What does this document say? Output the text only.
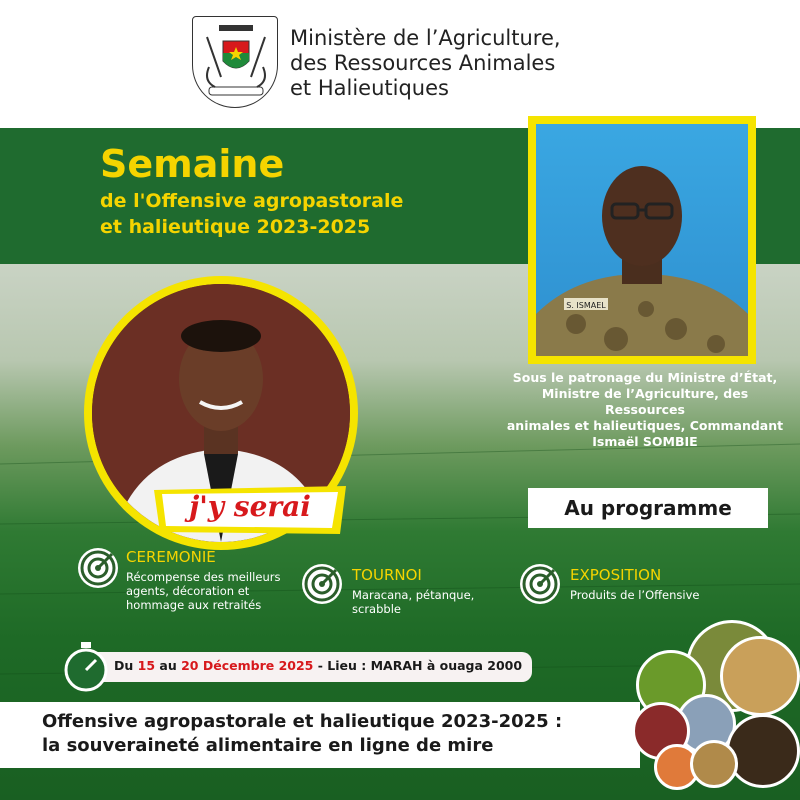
Ministère de l’Agriculture,
des Ressources Animales
et Halieutiques
Semaine
de l'Offensive agropastorale
et halieutique 2023-2025
S. ISMAEL
Sous le patronage du Ministre d’État,
Ministre de l’Agriculture, des Ressources
animales et halieutiques, Commandant
Ismaël SOMBIE
j'y serai	Au programme
CEREMONIE
Récompense des meilleurs
agents, décoration et
hommage aux retraités
TOURNOI
Maracana, pétanque,
scrabble
EXPOSITION
Produits de l’Offensive
Du 15 au 20 Décembre 2025 - Lieu : MARAH à ouaga 2000
Offensive agropastorale et halieutique 2023-2025 :
la souveraineté alimentaire en ligne de mire
